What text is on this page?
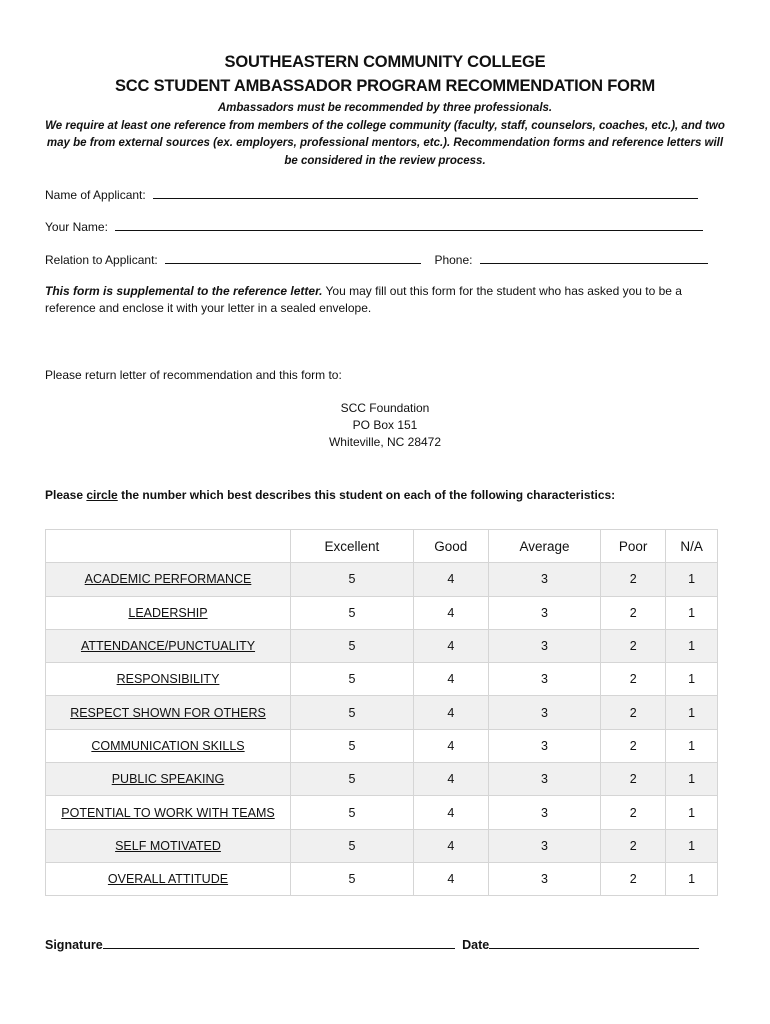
SOUTHEASTERN COMMUNITY COLLEGE
SCC STUDENT AMBASSADOR PROGRAM RECOMMENDATION FORM
Ambassadors must be recommended by three professionals.
We require at least one reference from members of the college community (faculty, staff, counselors, coaches, etc.), and two may be from external sources (ex. employers, professional mentors, etc.). Recommendation forms and reference letters will be considered in the review process.
Name of Applicant:
Your Name:
Relation to Applicant:	Phone:
This form is supplemental to the reference letter. You may fill out this form for the student who has asked you to be a reference and enclose it with your letter in a sealed envelope.
Please return letter of recommendation and this form to:
SCC Foundation
PO Box 151
Whiteville, NC 28472
Please circle the number which best describes this student on each of the following characteristics:
	Excellent	Good	Average	Poor	N/A
ACADEMIC PERFORMANCE	5	4	3	2	1
LEADERSHIP	5	4	3	2	1
ATTENDANCE/PUNCTUALITY	5	4	3	2	1
RESPONSIBILITY	5	4	3	2	1
RESPECT SHOWN FOR OTHERS	5	4	3	2	1
COMMUNICATION SKILLS	5	4	3	2	1
PUBLIC SPEAKING	5	4	3	2	1
POTENTIAL TO WORK WITH TEAMS	5	4	3	2	1
SELF MOTIVATED	5	4	3	2	1
OVERALL ATTITUDE	5	4	3	2	1
Signature	Date
